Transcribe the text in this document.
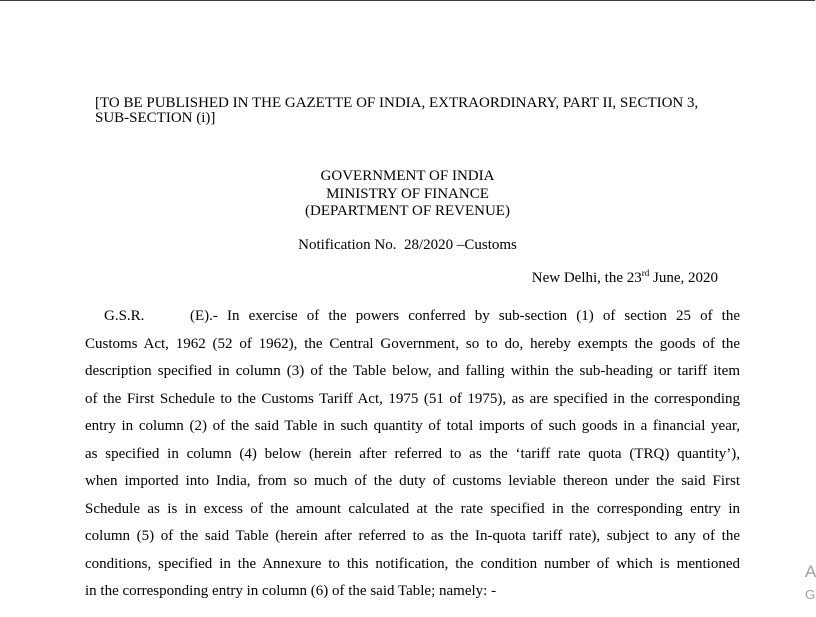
[TO BE PUBLISHED IN THE GAZETTE OF INDIA, EXTRAORDINARY, PART II, SECTION 3, SUB-SECTION (i)]
GOVERNMENT OF INDIA
MINISTRY OF FINANCE
(DEPARTMENT OF REVENUE)
Notification No.  28/2020 –Customs
New Delhi, the 23rd June, 2020
G.S.R.	(E).- In exercise of the powers conferred by sub-section (1) of section 25 of the
Customs Act, 1962 (52 of 1962), the Central Government, so to do, hereby exempts the goods of the
description specified in column (3) of the Table below, and falling within the sub-heading or tariff item
of the First Schedule to the Customs Tariff Act, 1975 (51 of 1975), as are specified in the corresponding
entry in column (2) of the said Table in such quantity of total imports of such goods in a financial year,
as specified in column (4) below (herein after referred to as the ‘tariff rate quota (TRQ) quantity’),
when imported into India, from so much of the duty of customs leviable thereon under the said First
Schedule as is in excess of the amount calculated at the rate specified in the corresponding entry in
column (5) of the said Table (herein after referred to as the In-quota tariff rate), subject to any of the
conditions, specified in the Annexure to this notification, the condition number of which is mentioned
in the corresponding entry in column (6) of the said Table; namely: -
A
G
